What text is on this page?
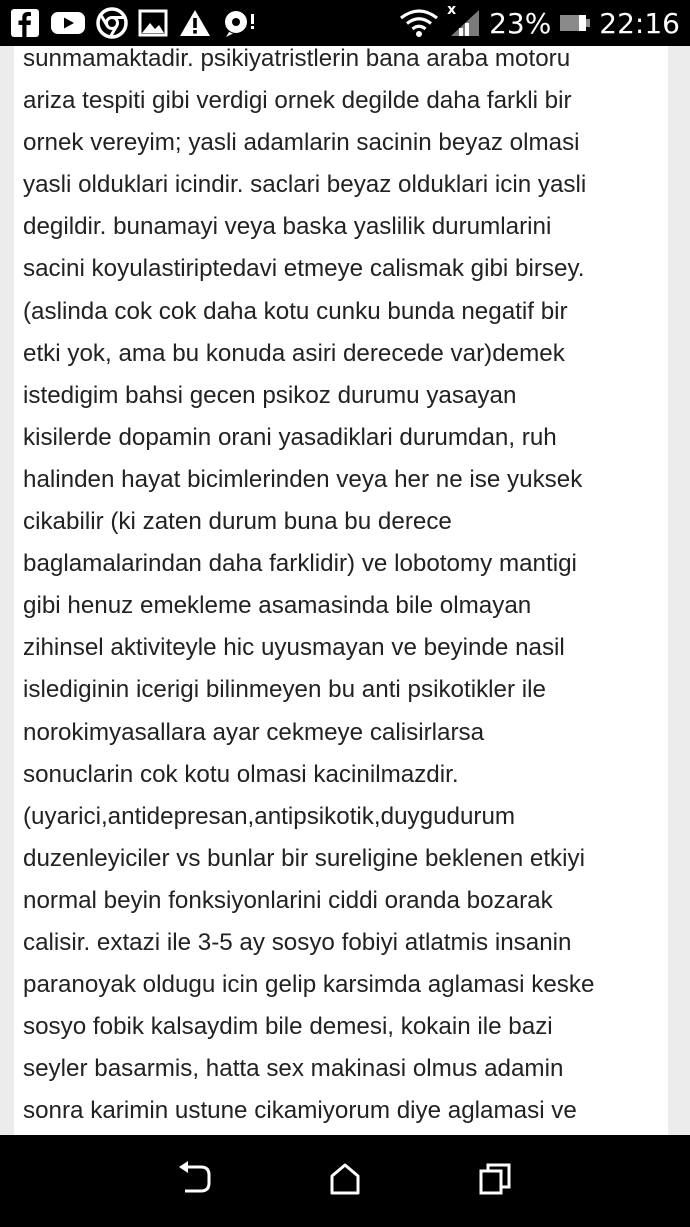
x 23% 22:16

sunmamaktadir. psikiyatristlerin bana araba motoru
ariza tespiti gibi verdigi ornek degilde daha farkli bir
ornek vereyim; yasli adamlarin sacinin beyaz olmasi
yasli olduklari icindir. saclari beyaz olduklari icin yasli
degildir. bunamayi veya baska yaslilik durumlarini
sacini koyulastiriptedavi etmeye calismak gibi birsey.
(aslinda cok cok daha kotu cunku bunda negatif bir
etki yok, ama bu konuda asiri derecede var)demek
istedigim bahsi gecen psikoz durumu yasayan
kisilerde dopamin orani yasadiklari durumdan, ruh
halinden hayat bicimlerinden veya her ne ise yuksek
cikabilir (ki zaten durum buna bu derece
baglamalarindan daha farklidir) ve lobotomy mantigi
gibi henuz emekleme asamasinda bile olmayan
zihinsel aktiviteyle hic uyusmayan ve beyinde nasil
islediginin icerigi bilinmeyen bu anti psikotikler ile
norokimyasallara ayar cekmeye calisirlarsa
sonuclarin cok kotu olmasi kacinilmazdir.
(uyarici,antidepresan,antipsikotik,duygudurum
duzenleyiciler vs bunlar bir sureligine beklenen etkiyi
normal beyin fonksiyonlarini ciddi oranda bozarak
calisir. extazi ile 3-5 ay sosyo fobiyi atlatmis insanin
paranoyak oldugu icin gelip karsimda aglamasi keske
sosyo fobik kalsaydim bile demesi, kokain ile bazi
seyler basarmis, hatta sex makinasi olmus adamin
sonra karimin ustune cikamiyorum diye aglamasi ve
